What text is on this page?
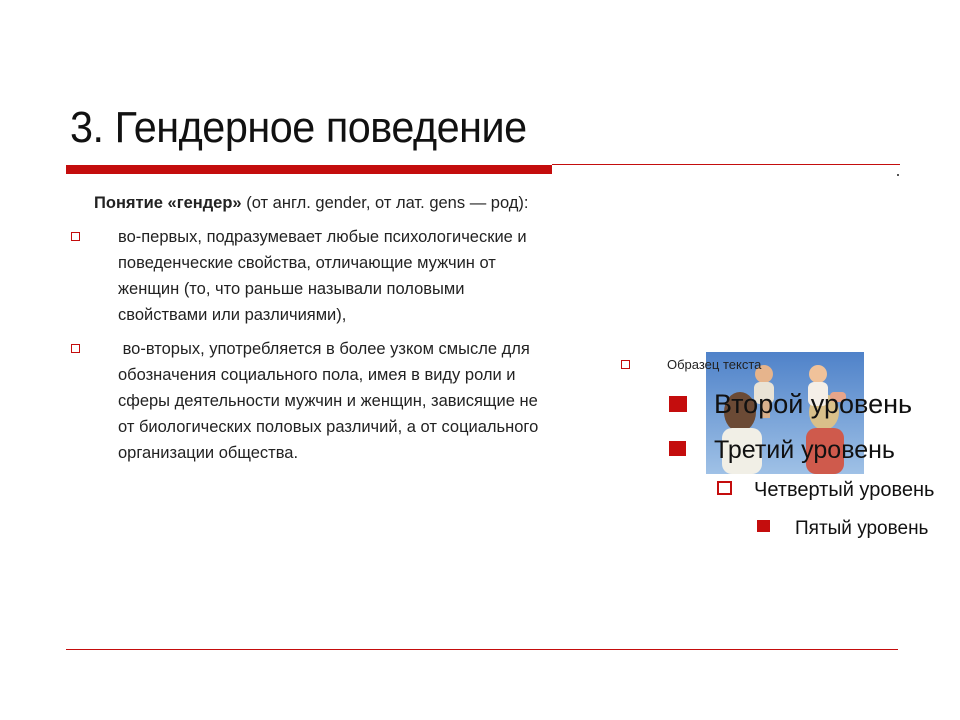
3. Гендерное поведение
Понятие «гендер» (от англ. gender, от лат. gens — род):
во-первых, подразумевает любые психологические и
поведенческие свойства, отличающие мужчин от
женщин (то, что раньше называли половыми
свойствами или различиями),
во-вторых, употребляется в более узком смысле для
обозначения социального пола, имея в виду роли и
сферы деятельности мужчин и женщин, зависящие не
от биологических половых различий, а от социального
организации общества.
Образец текста
Второй уровень
Третий уровень
Четвертый уровень
Пятый уровень
